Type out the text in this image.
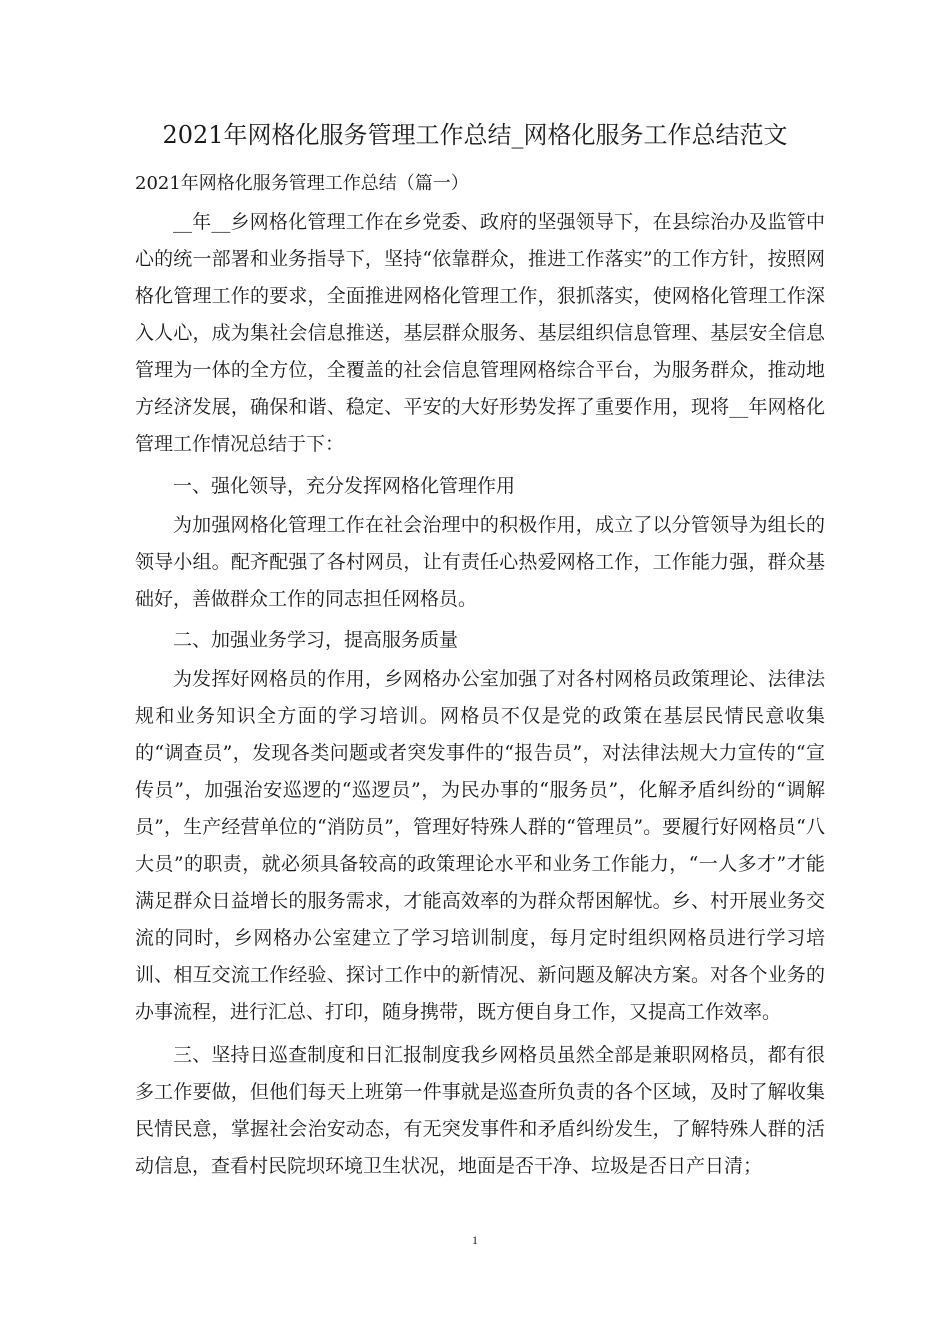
2021年网格化服务管理工作总结_网格化服务工作总结范文
2021年网格化服务管理工作总结（篇一）

__年__乡网格化管理工作在乡党委、政府的坚强领导下，在县综治办及监管中心的统一部署和业务指导下，坚持“依靠群众，推进工作落实”的工作方针，按照网格化管理工作的要求，全面推进网格化管理工作，狠抓落实，使网格化管理工作深入人心，成为集社会信息推送，基层群众服务、基层组织信息管理、基层安全信息管理为一体的全方位，全覆盖的社会信息管理网格综合平台，为服务群众，推动地方经济发展，确保和谐、稳定、平安的大好形势发挥了重要作用，现将__年网格化管理工作情况总结于下：

一、强化领导，充分发挥网格化管理作用

为加强网格化管理工作在社会治理中的积极作用，成立了以分管领导为组长的领导小组。配齐配强了各村网员，让有责任心热爱网格工作，工作能力强，群众基础好，善做群众工作的同志担任网格员。

二、加强业务学习，提高服务质量

为发挥好网格员的作用，乡网格办公室加强了对各村网格员政策理论、法律法规和业务知识全方面的学习培训。网格员不仅是党的政策在基层民情民意收集的“调查员”，发现各类问题或者突发事件的“报告员”，对法律法规大力宣传的“宣传员”，加强治安巡逻的“巡逻员”，为民办事的“服务员”，化解矛盾纠纷的“调解员”，生产经营单位的“消防员”，管理好特殊人群的“管理员”。要履行好网格员“八大员”的职责，就必须具备较高的政策理论水平和业务工作能力，“一人多才”才能满足群众日益增长的服务需求，才能高效率的为群众帮困解忧。乡、村开展业务交流的同时，乡网格办公室建立了学习培训制度，每月定时组织网格员进行学习培训、相互交流工作经验、探讨工作中的新情况、新问题及解决方案。对各个业务的办事流程，进行汇总、打印，随身携带，既方便自身工作，又提高工作效率。

三、坚持日巡查制度和日汇报制度我乡网格员虽然全部是兼职网格员，都有很多工作要做，但他们每天上班第一件事就是巡查所负责的各个区域，及时了解收集民情民意，掌握社会治安动态，有无突发事件和矛盾纠纷发生，了解特殊人群的活动信息，查看村民院坝环境卫生状况，地面是否干净、垃圾是否日产日清；

1
